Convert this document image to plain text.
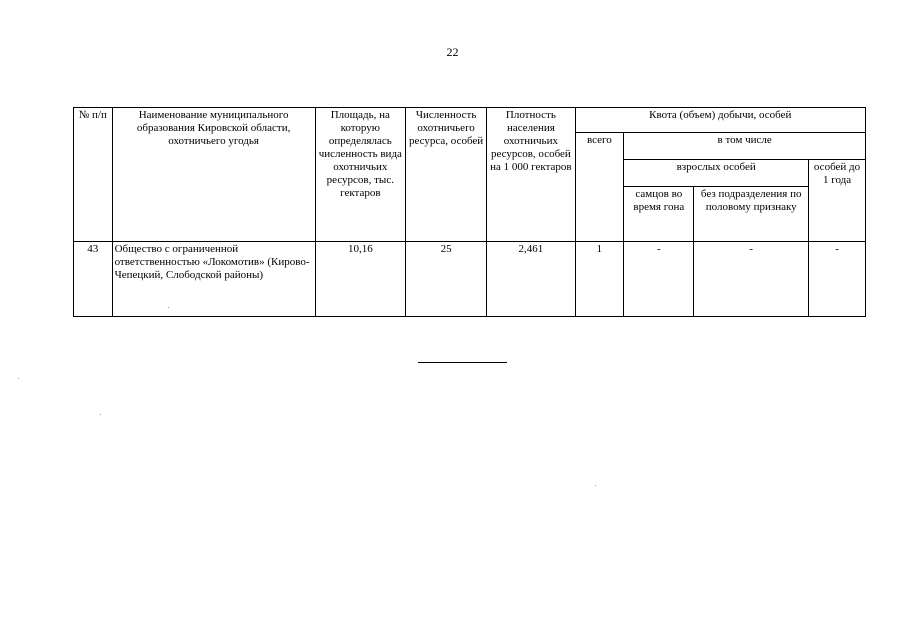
22
№ п/п	Наименование муниципального образования Кировской области, охотничьего угодья	Площадь, на которую определялась численность вида охотничьих ресурсов, тыс. гектаров	Численность охотничьего ресурса, особей	Плотность населения охотничьих ресурсов, особей на 1 000 гектаров	Квота (объем) добычи, особей			
					всего	в том числе		
						взрослых особей		особей до 1 года
						самцов во время гона	без подразделения по половому признаку	
43	Общество с ограниченной ответственностью «Локомотив» (Кирово-Чепецкий, Слободской районы)	10,16	25	2,461	1	-	-	-
